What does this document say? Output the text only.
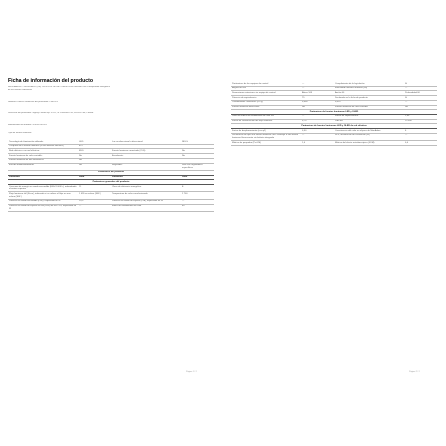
Ficha de información del producto
REGLAMENTO DELEGADO (UE) 2019/2015 DE LA COMISIÓN en relación con el etiquetado energético
de las fuentes luminosas
Nombre o marca comercial del proveedor: PHILIPS
Dirección del proveedor: Signify Poland Sp. z o.o., ul. Kossaka 150, 64-920 Piła, Poland
Identificador del modelo: 929002243101
Tipo de fuente luminosa:
Tecnología de iluminación utilizada:	LED	Luz no direccional o direccional:	NDLS
Casquillo de la fuente luminosa (u otra interfaz eléctrica)	E27		
Red eléctrica o no red eléctrica:	MLS	Fuente luminosa conectada (CLS):	No
Fuente luminosa de color variable:	No	Envolvente:	No
Fuente luminosa de alta luminancia:	No		
Escudo antideslumbrante:	No	Regulable:	Solo con reguladores específicos
Parámetros del producto			
Parámetro	Valor	Parámetro	Valor
Parámetros generales del producto			
Consumo de energía en modo encendido (kWh/1 000 h), redondeado al entero superior	11	Clase de eficiencia energética	E
Flujo luminoso útil (Φuse), indicando si se refiere al flujo en una esfera (360°)	1 055 en esfera (360°)	Temperatura de color correlacionada	2 700
Potencia en modo encendido (Pon), expresada en W	10,5	Potencia en modo de espera (Psb), expresada en W	—
Potencia en modo de espera en red (Pnet) de las CLS, expresada en W	—	Índice de rendimiento de color	80
Página 1 / 2
Parámetros de los equipos de control	—	Cumplimiento de la legislación	Sí
Ángulo de haz	—	Intensidad luminosa máxima (cd)	—
Dimensiones exteriores sin equipo de control	Altura 108	Ancho 60	Profundidad 60
Potencia de equivalencia	75	Declarada en la ficha de producto	Sí
Coordenadas cromáticas (x e y)	0,460	0,410	—
Fuente luminosa direccional	No	Fuente luminosa de color variable	No
Parámetros de fuentes luminosas LED y OLED			
Valor del índice de rendimiento de color R9	—	Factor de supervivencia	1,00
Factor de conservación del flujo luminoso	0,70	Vida útil	15 000
Parámetros de fuentes luminosas LED y OLED de red eléctrica			
Factor de desplazamiento (cos φ1)	0,50	Consistencia del color en elipses de MacAdam	6
Declaración de que una fuente luminosa LED sustituye a una fuente luminosa fluorescente sin balasto integrado	—	Si sí, declaración de sustitución (W)	—
Métrica de parpadeo (Pst LM)	1,0	Métrica del efecto estroboscópico (SVM)	0,4
Página 2 / 2
